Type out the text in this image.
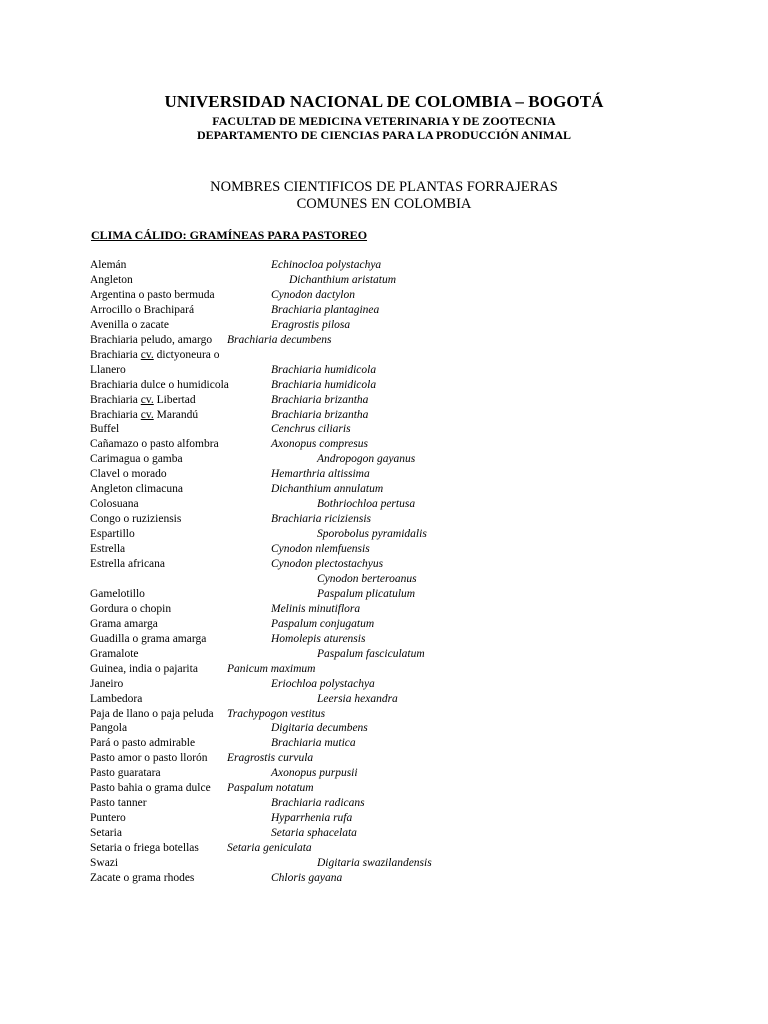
UNIVERSIDAD NACIONAL DE COLOMBIA – BOGOTÁ
FACULTAD DE MEDICINA VETERINARIA Y DE ZOOTECNIA
DEPARTAMENTO DE CIENCIAS PARA LA PRODUCCIÓN ANIMAL
NOMBRES CIENTIFICOS DE PLANTAS FORRAJERAS
COMUNES EN COLOMBIA
CLIMA CÁLIDO: GRAMÍNEAS PARA PASTOREO
Alemán	Echinocloa polystachya
Angleton	Dichanthium aristatum
Argentina o pasto bermuda	Cynodon dactylon
Arrocillo o Brachipará	Brachiaria plantaginea
Avenilla o zacate	Eragrostis pilosa
Brachiaria peludo, amargo Brachiaria decumbens
Brachiaria cv. dictyoneura o
Llanero	Brachiaria humidicola
Brachiaria dulce o humidicola	Brachiaria humidicola
Brachiaria cv. Libertad	Brachiaria brizantha
Brachiaria cv. Marandú	Brachiaria brizantha
Buffel	Cenchrus ciliaris
Cañamazo o pasto alfombra	Axonopus compresus
Carimagua o gamba	Andropogon gayanus
Clavel o morado	Hemarthria altissima
Angleton climacuna	Dichanthium annulatum
Colosuana	Bothriochloa pertusa
Congo o ruziziensis	Brachiaria riciziensis
Espartillo	Sporobolus pyramidalis
Estrella	Cynodon nlemfuensis
Estrella africana	Cynodon plectostachyus
Cynodon berteroanus
Gamelotillo	Paspalum plicatulum
Gordura o chopin	Melinis minutiflora
Grama amarga	Paspalum conjugatum
Guadilla o grama amarga	Homolepis aturensis
Gramalote	Paspalum fasciculatum
Guinea, india o pajarita	Panicum maximum
Janeiro	Eriochloa polystachya
Lambedora	Leersia hexandra
Paja de llano o paja peluda Trachypogon vestitus
Pangola	Digitaria decumbens
Pará o pasto admirable	Brachiaria mutica
Pasto amor o pasto llorón Eragrostis curvula
Pasto guaratara	Axonopus purpusii
Pasto bahia o grama dulce Paspalum notatum
Pasto tanner	Brachiaria radicans
Puntero	Hyparrhenia rufa
Setaria	Setaria sphacelata
Setaria o friega botellas Setaria geniculata
Swazi	Digitaria swazilandensis
Zacate o grama rhodes	Chloris gayana
